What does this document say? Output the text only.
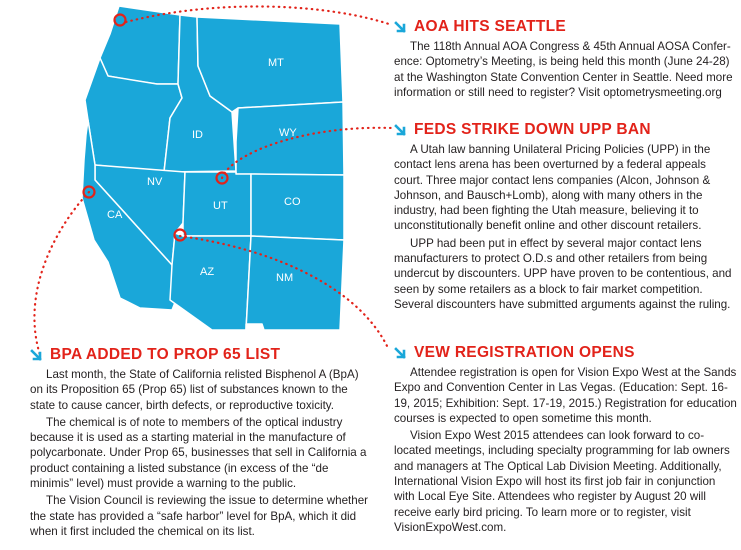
MT
ID	WY
NV
UT	CO
CA
AZ	NM
AOA HITS SEATTLE

The 118th Annual AOA Congress & 45th Annual AOSA Confer-

ence: Optometry’s Meeting, is being held this month (June 24-28)

at the Washington State Convention Center in Seattle. Need more

information or still need to register? Visit optometrysmeeting.org

FEDS STRIKE DOWN UPP BAN

A Utah law banning Unilateral Pricing Policies (UPP) in the contact lens arena has been overturned by a federal appeals court. Three major contact lens companies (Alcon, Johnson & Johnson, and Bausch+Lomb), along with many others in the industry, had been fighting the Utah measure, believing it to unconstitutionally benefit online and other discount retailers.

UPP had been put in effect by several major contact lens manufacturers to protect O.D.s and other retailers from being undercut by discounters. UPP have proven to be contentious, and seen by some retailers as a block to fair market competition. Several discounters have submitted arguments against the ruling.

BPA ADDED TO PROP 65 LIST

Last month, the State of California relisted Bisphenol A (BpA) on its Proposition 65 (Prop 65) list of substances known to the state to cause cancer, birth defects, or reproductive toxicity.

The chemical is of note to members of the optical industry because it is used as a starting material in the manufacture of polycarbonate. Under Prop 65, businesses that sell in California a product containing a listed substance (in excess of the “de minimis” level) must provide a warning to the public.

The Vision Council is reviewing the issue to determine whether the state has provided a “safe harbor” level for BpA, which it did when it first included the chemical on its list.

VEW REGISTRATION OPENS

Attendee registration is open for Vision Expo West at the Sands Expo and Convention Center in Las Vegas. (Education: Sept. 16-19, 2015; Exhibition: Sept. 17-19, 2015.) Registration for education courses is expected to open sometime this month.

Vision Expo West 2015 attendees can look forward to co-located meetings, including specialty programming for lab owners and managers at The Optical Lab Division Meeting. Additionally, International Vision Expo will host its first job fair in conjunction with Local Eye Site. Attendees who register by August 20 will receive early bird pricing. To learn more or to register, visit VisionExpoWest.com.
